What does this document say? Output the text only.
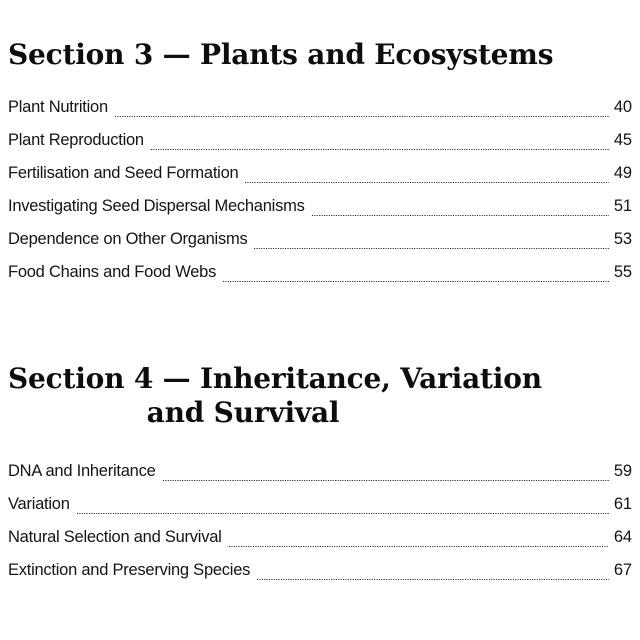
Section 3 — Plants and Ecosystems
Plant Nutrition	40
Plant Reproduction	45
Fertilisation and Seed Formation	49
Investigating Seed Dispersal Mechanisms	51
Dependence on Other Organisms	53
Food Chains and Food Webs	55
Section 4 — Inheritance, Variation
and Survival
DNA and Inheritance	59
Variation	61
Natural Selection and Survival	64
Extinction and Preserving Species	67
